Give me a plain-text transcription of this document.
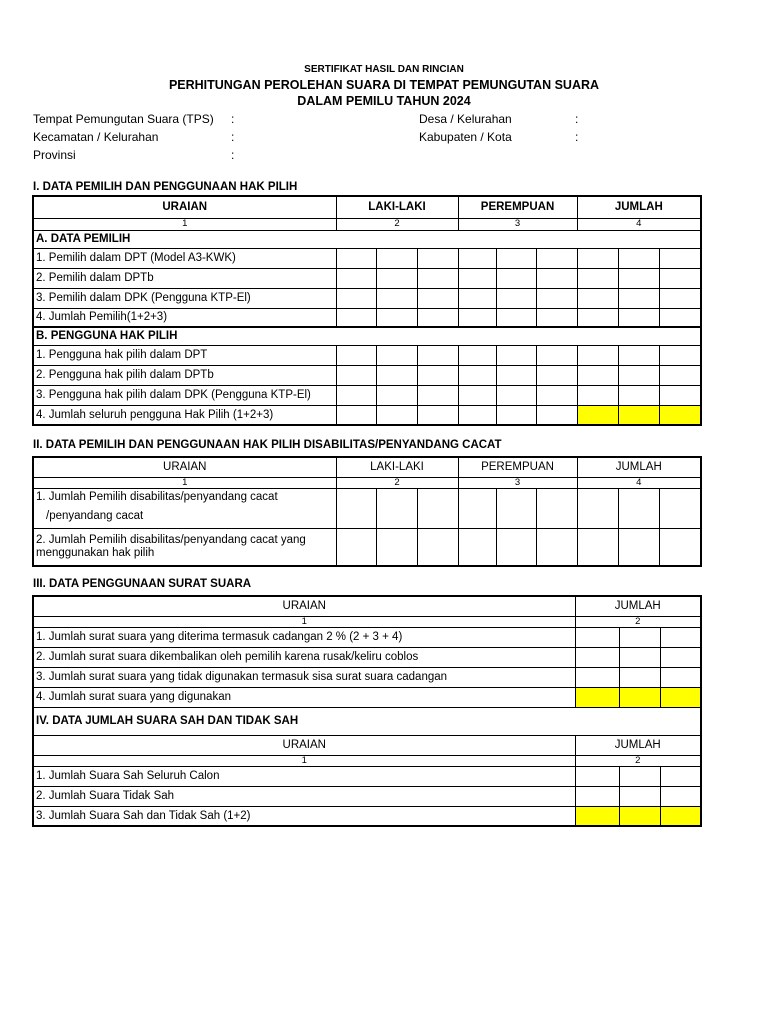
SERTIFIKAT HASIL DAN RINCIAN
PERHITUNGAN PEROLEHAN SUARA DI TEMPAT PEMUNGUTAN SUARA
DALAM PEMILU TAHUN 2024
Tempat Pemungutan Suara (TPS) :
Kecamatan / Kelurahan	:
Provinsi	:
Desa / Kelurahan	:
Kabupaten / Kota	:
I. DATA PEMILIH DAN PENGGUNAAN HAK PILIH
URAIAN	LAKI-LAKI			PEREMPUAN			JUMLAH		
1	2			3			4		
A. DATA PEMILIH									
1. Pemilih dalam DPT (Model A3-KWK)									
2. Pemilih dalam DPTb									
3. Pemilih dalam DPK (Pengguna KTP-El)									
4. Jumlah Pemilih(1+2+3)									
B. PENGGUNA HAK PILIH									
1. Pengguna hak pilih dalam DPT									
2. Pengguna hak pilih dalam DPTb									
3. Pengguna hak pilih dalam DPK (Pengguna KTP-El)									
4. Jumlah seluruh pengguna Hak Pilih (1+2+3)									
II. DATA PEMILIH DAN PENGGUNAAN HAK PILIH DISABILITAS/PENYANDANG CACAT
URAIAN	LAKI-LAKI			PEREMPUAN			JUMLAH		
1	2			3			4		

1. Jumlah Pemilih disabilitas/penyandang cacat
/penyandang cacat									

2. Jumlah Pemilih disabilitas/penyandang cacat yang menggunakan hak pilih									
III. DATA PENGGUNAAN SURAT SUARA
URAIAN	JUMLAH		
1	2		
1. Jumlah surat suara yang diterima termasuk cadangan 2 % (2 + 3 + 4)			
2. Jumlah surat suara dikembalikan oleh pemilih karena rusak/keliru coblos			
3. Jumlah surat suara yang tidak digunakan termasuk sisa surat suara cadangan			
4. Jumlah surat suara yang digunakan			
IV. DATA JUMLAH SUARA SAH DAN TIDAK SAH			
URAIAN	JUMLAH		
1	2		
1. Jumlah Suara Sah Seluruh Calon			
2. Jumlah Suara Tidak Sah			
3. Jumlah Suara Sah dan Tidak Sah (1+2)			
